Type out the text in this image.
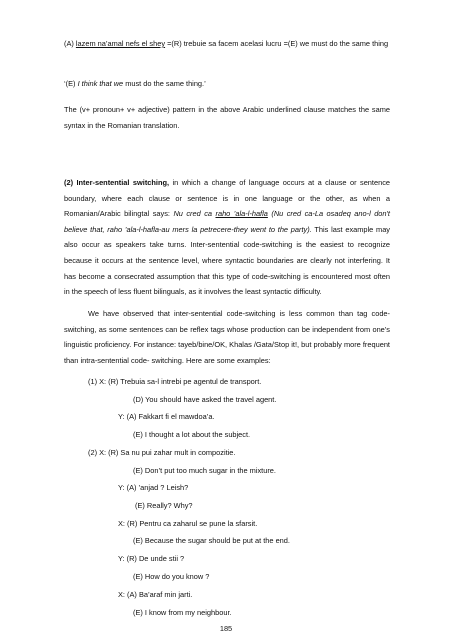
(A) lazem na’amal nefs el shey =(R) trebuie sa facem acelasi lucru =(E) we must do the same thing

‘(E) I think that we must do the same thing.’

The (v+ pronoun+ v+ adjective) pattern in the above Arabic underlined clause matches the same syntax in the Romanian translation.

(2) Inter-sentential switching, in which a change of language occurs at a clause or sentence boundary, where each clause or sentence is in one language or the other, as when a Romanian/Arabic bilingtal says: Nu cred ca raho ’ala-l-hafla (Nu cred ca-La osadeq ano-l don't believe that, raho ’ala-l-hafla-au mers la petrecere-they went to the party). This last example may also occur as speakers take turns. Inter-sentential code-switching is the easiest to recognize because it occurs at the sentence level, where syntactic boundaries are clearly not interfering. It has become a consecrated assumption that this type of code-switching is encountered most often in the speech of less fluent bilinguals, as it involves the least syntactic difficulty.

We have observed that inter-sentential code-switching is less common than tag code-switching, as some sentences can be reflex tags whose production can be independent from one’s linguistic proficiency. For instance: tayeb/bine/OK, Khalas /Gata/Stop it!, but probably more frequent than intra-sentential code- switching. Here are some examples:

(1) X: (R) Trebuia sa-l intrebi pe agentul de transport.

(D) You should have asked the travel agent.

Y: (A) Fakkart fi el mawdoa’a.

(E) I thought a lot about the subject.

(2) X: (R) Sa nu pui zahar mult in compozitie.

(E) Don’t put too much sugar in the mixture.

Y: (A) ’anjad ? Leish?

(E) Really? Why?

X: (R) Pentru ca zaharul se pune la sfarsit.

(E) Because the sugar should be put at the end.

Y: (R) De unde stii ?

(E) How do you know ?

X: (A) Ba’araf min jarti.

(E) I know from my neighbour.

185
